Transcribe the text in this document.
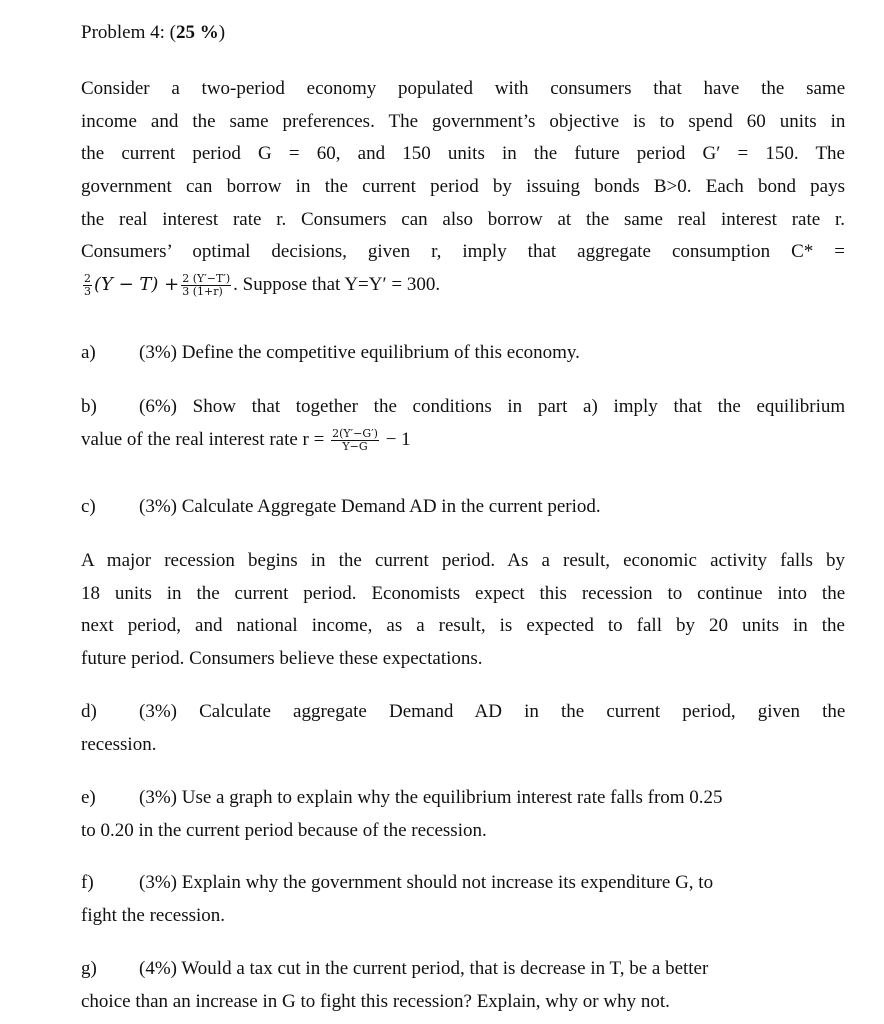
Problem 4: (25 %)
Consider a two-period economy populated with consumers that have the same
income and the same preferences. The government’s objective is to spend 60 units in
the current period G = 60, and 150 units in the future period G′ = 150. The
government can borrow in the current period by issuing bonds B>0. Each bond pays
the real interest rate r. Consumers can also borrow at the same real interest rate r.
Consumers’ optimal decisions, given r, imply that aggregate consumption C* =
$\frac{2}{3} (Y - T) + \frac{2 (Y'-T')}{3 (1+r)}$ . Suppose that Y=Y′ = 300.
a) (3%) Define the competitive equilibrium of this economy.
b) (6%) Show that together the conditions in part a) imply that the equilibrium
value of the real interest rate $r = \frac{2(Y'-G')}{Y-G} - 1$
c) (3%) Calculate Aggregate Demand AD in the current period.
A major recession begins in the current period. As a result, economic activity falls by
18 units in the current period. Economists expect this recession to continue into the
next period, and national income, as a result, is expected to fall by 20 units in the
future period. Consumers believe these expectations.
d) (3%) Calculate aggregate Demand AD in the current period, given the
recession.
e) (3%) Use a graph to explain why the equilibrium interest rate falls from 0.25
to 0.20 in the current period because of the recession.
f) (3%) Explain why the government should not increase its expenditure G, to
fight the recession.
g) (4%) Would a tax cut in the current period, that is decrease in T, be a better
choice than an increase in G to fight this recession? Explain, why or why not.
